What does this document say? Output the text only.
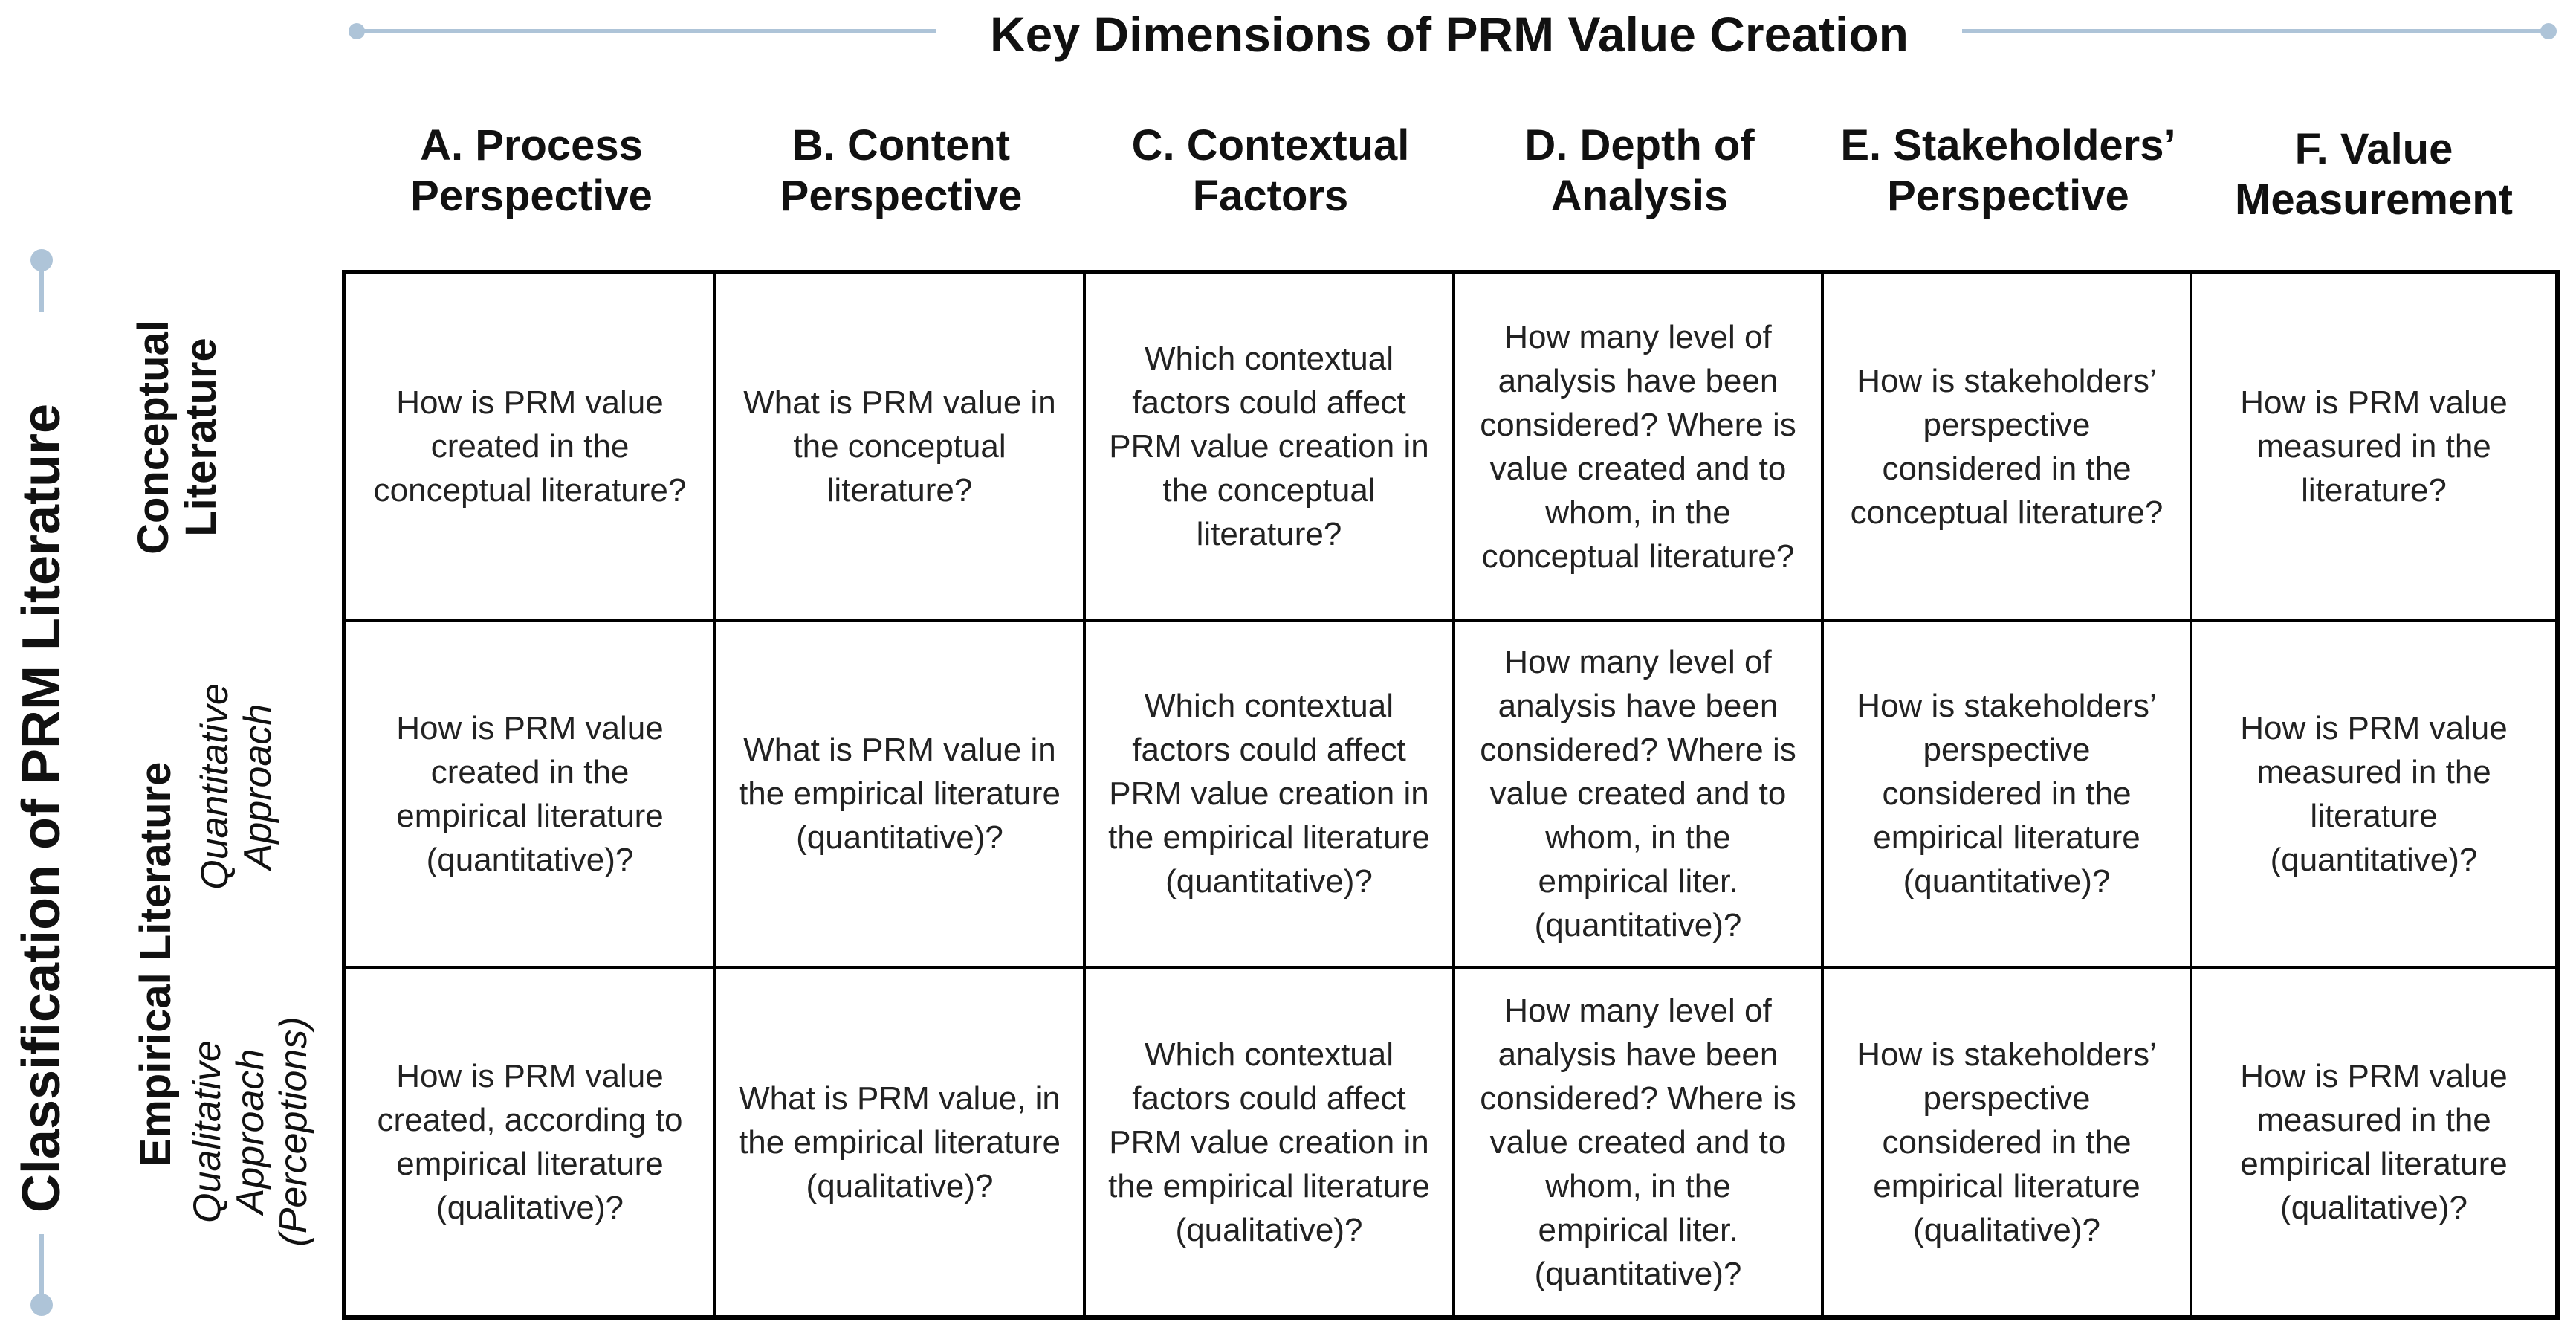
Key Dimensions of PRM Value Creation
A. Process
Perspective
B. Content
Perspective
C. Contextual
Factors
D. Depth of
Analysis
E. Stakeholders’
Perspective
F. Value
Measurement
Classification of PRM Literature Conceptual Literature
Empirical Literature Quantitative Approach
Qualitative Approach (Perceptions)
How is PRM value created in the conceptual literature?
What is PRM value in the conceptual literature?
Which contextual factors could affect PRM value creation in the conceptual literature?
How many level of analysis have been considered? Where is value created and to whom, in the conceptual literature?
How is stakeholders’ perspective considered in the conceptual literature?
How is PRM value measured in the literature?
How is PRM value created in the empirical literature (quantitative)?
What is PRM value in the empirical literature (quantitative)?
Which contextual factors could affect PRM value creation in the empirical literature (quantitative)?
How many level of analysis have been considered? Where is value created and to whom, in the empirical liter. (quantitative)?
How is stakeholders’ perspective considered in the empirical literature (quantitative)?
How is PRM value measured in the literature (quantitative)?
How is PRM value created, according to empirical literature (qualitative)?
What is PRM value, in the empirical literature (qualitative)?
Which contextual factors could affect PRM value creation in the empirical literature (qualitative)?
How many level of analysis have been considered? Where is value created and to whom, in the empirical liter. (quantitative)?
How is stakeholders’ perspective considered in the empirical literature (qualitative)?
How is PRM value measured in the empirical literature (qualitative)?
